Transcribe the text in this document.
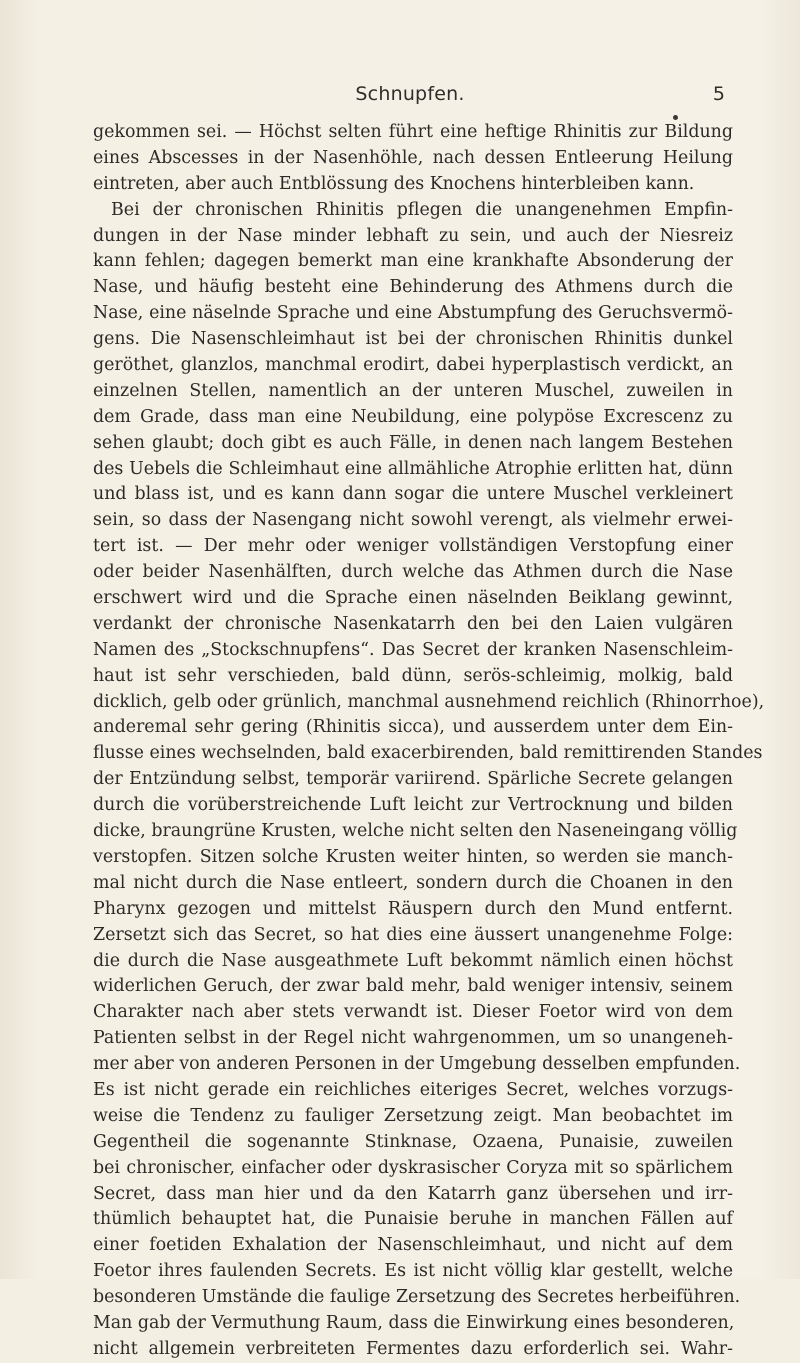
Schnupfen.	5
gekommen sei. — Höchst selten führt eine heftige Rhinitis zur Bildung
eines Abscesses in der Nasenhöhle, nach dessen Entleerung Heilung
eintreten, aber auch Entblössung des Knochens hinterbleiben kann.
Bei der chronischen Rhinitis pflegen die unangenehmen Empfin-
dungen in der Nase minder lebhaft zu sein, und auch der Niesreiz
kann fehlen; dagegen bemerkt man eine krankhafte Absonderung der
Nase, und häufig besteht eine Behinderung des Athmens durch die
Nase, eine näselnde Sprache und eine Abstumpfung des Geruchsvermö-
gens. Die Nasenschleimhaut ist bei der chronischen Rhinitis dunkel
geröthet, glanzlos, manchmal erodirt, dabei hyperplastisch verdickt, an
einzelnen Stellen, namentlich an der unteren Muschel, zuweilen in
dem Grade, dass man eine Neubildung, eine polypöse Excrescenz zu
sehen glaubt; doch gibt es auch Fälle, in denen nach langem Bestehen
des Uebels die Schleimhaut eine allmähliche Atrophie erlitten hat, dünn
und blass ist, und es kann dann sogar die untere Muschel verkleinert
sein, so dass der Nasengang nicht sowohl verengt, als vielmehr erwei-
tert ist. — Der mehr oder weniger vollständigen Verstopfung einer
oder beider Nasenhälften, durch welche das Athmen durch die Nase
erschwert wird und die Sprache einen näselnden Beiklang gewinnt,
verdankt der chronische Nasenkatarrh den bei den Laien vulgären
Namen des „Stockschnupfens“. Das Secret der kranken Nasenschleim-
haut ist sehr verschieden, bald dünn, serös-schleimig, molkig, bald
dicklich, gelb oder grünlich, manchmal ausnehmend reichlich (Rhinorrhoe),
anderemal sehr gering (Rhinitis sicca), und ausserdem unter dem Ein-
flusse eines wechselnden, bald exacerbirenden, bald remittirenden Standes
der Entzündung selbst, temporär variirend. Spärliche Secrete gelangen
durch die vorüberstreichende Luft leicht zur Vertrocknung und bilden
dicke, braungrüne Krusten, welche nicht selten den Naseneingang völlig
verstopfen. Sitzen solche Krusten weiter hinten, so werden sie manch-
mal nicht durch die Nase entleert, sondern durch die Choanen in den
Pharynx gezogen und mittelst Räuspern durch den Mund entfernt.
Zersetzt sich das Secret, so hat dies eine äussert unangenehme Folge:
die durch die Nase ausgeathmete Luft bekommt nämlich einen höchst
widerlichen Geruch, der zwar bald mehr, bald weniger intensiv, seinem
Charakter nach aber stets verwandt ist. Dieser Foetor wird von dem
Patienten selbst in der Regel nicht wahrgenommen, um so unangeneh-
mer aber von anderen Personen in der Umgebung desselben empfunden.
Es ist nicht gerade ein reichliches eiteriges Secret, welches vorzugs-
weise die Tendenz zu fauliger Zersetzung zeigt. Man beobachtet im
Gegentheil die sogenannte Stinknase, Ozaena, Punaisie, zuweilen
bei chronischer, einfacher oder dyskrasischer Coryza mit so spärlichem
Secret, dass man hier und da den Katarrh ganz übersehen und irr-
thümlich behauptet hat, die Punaisie beruhe in manchen Fällen auf
einer foetiden Exhalation der Nasenschleimhaut, und nicht auf dem
Foetor ihres faulenden Secrets. Es ist nicht völlig klar gestellt, welche
besonderen Umstände die faulige Zersetzung des Secretes herbeiführen.
Man gab der Vermuthung Raum, dass die Einwirkung eines besonderen,
nicht allgemein verbreiteten Fermentes dazu erforderlich sei. Wahr-
